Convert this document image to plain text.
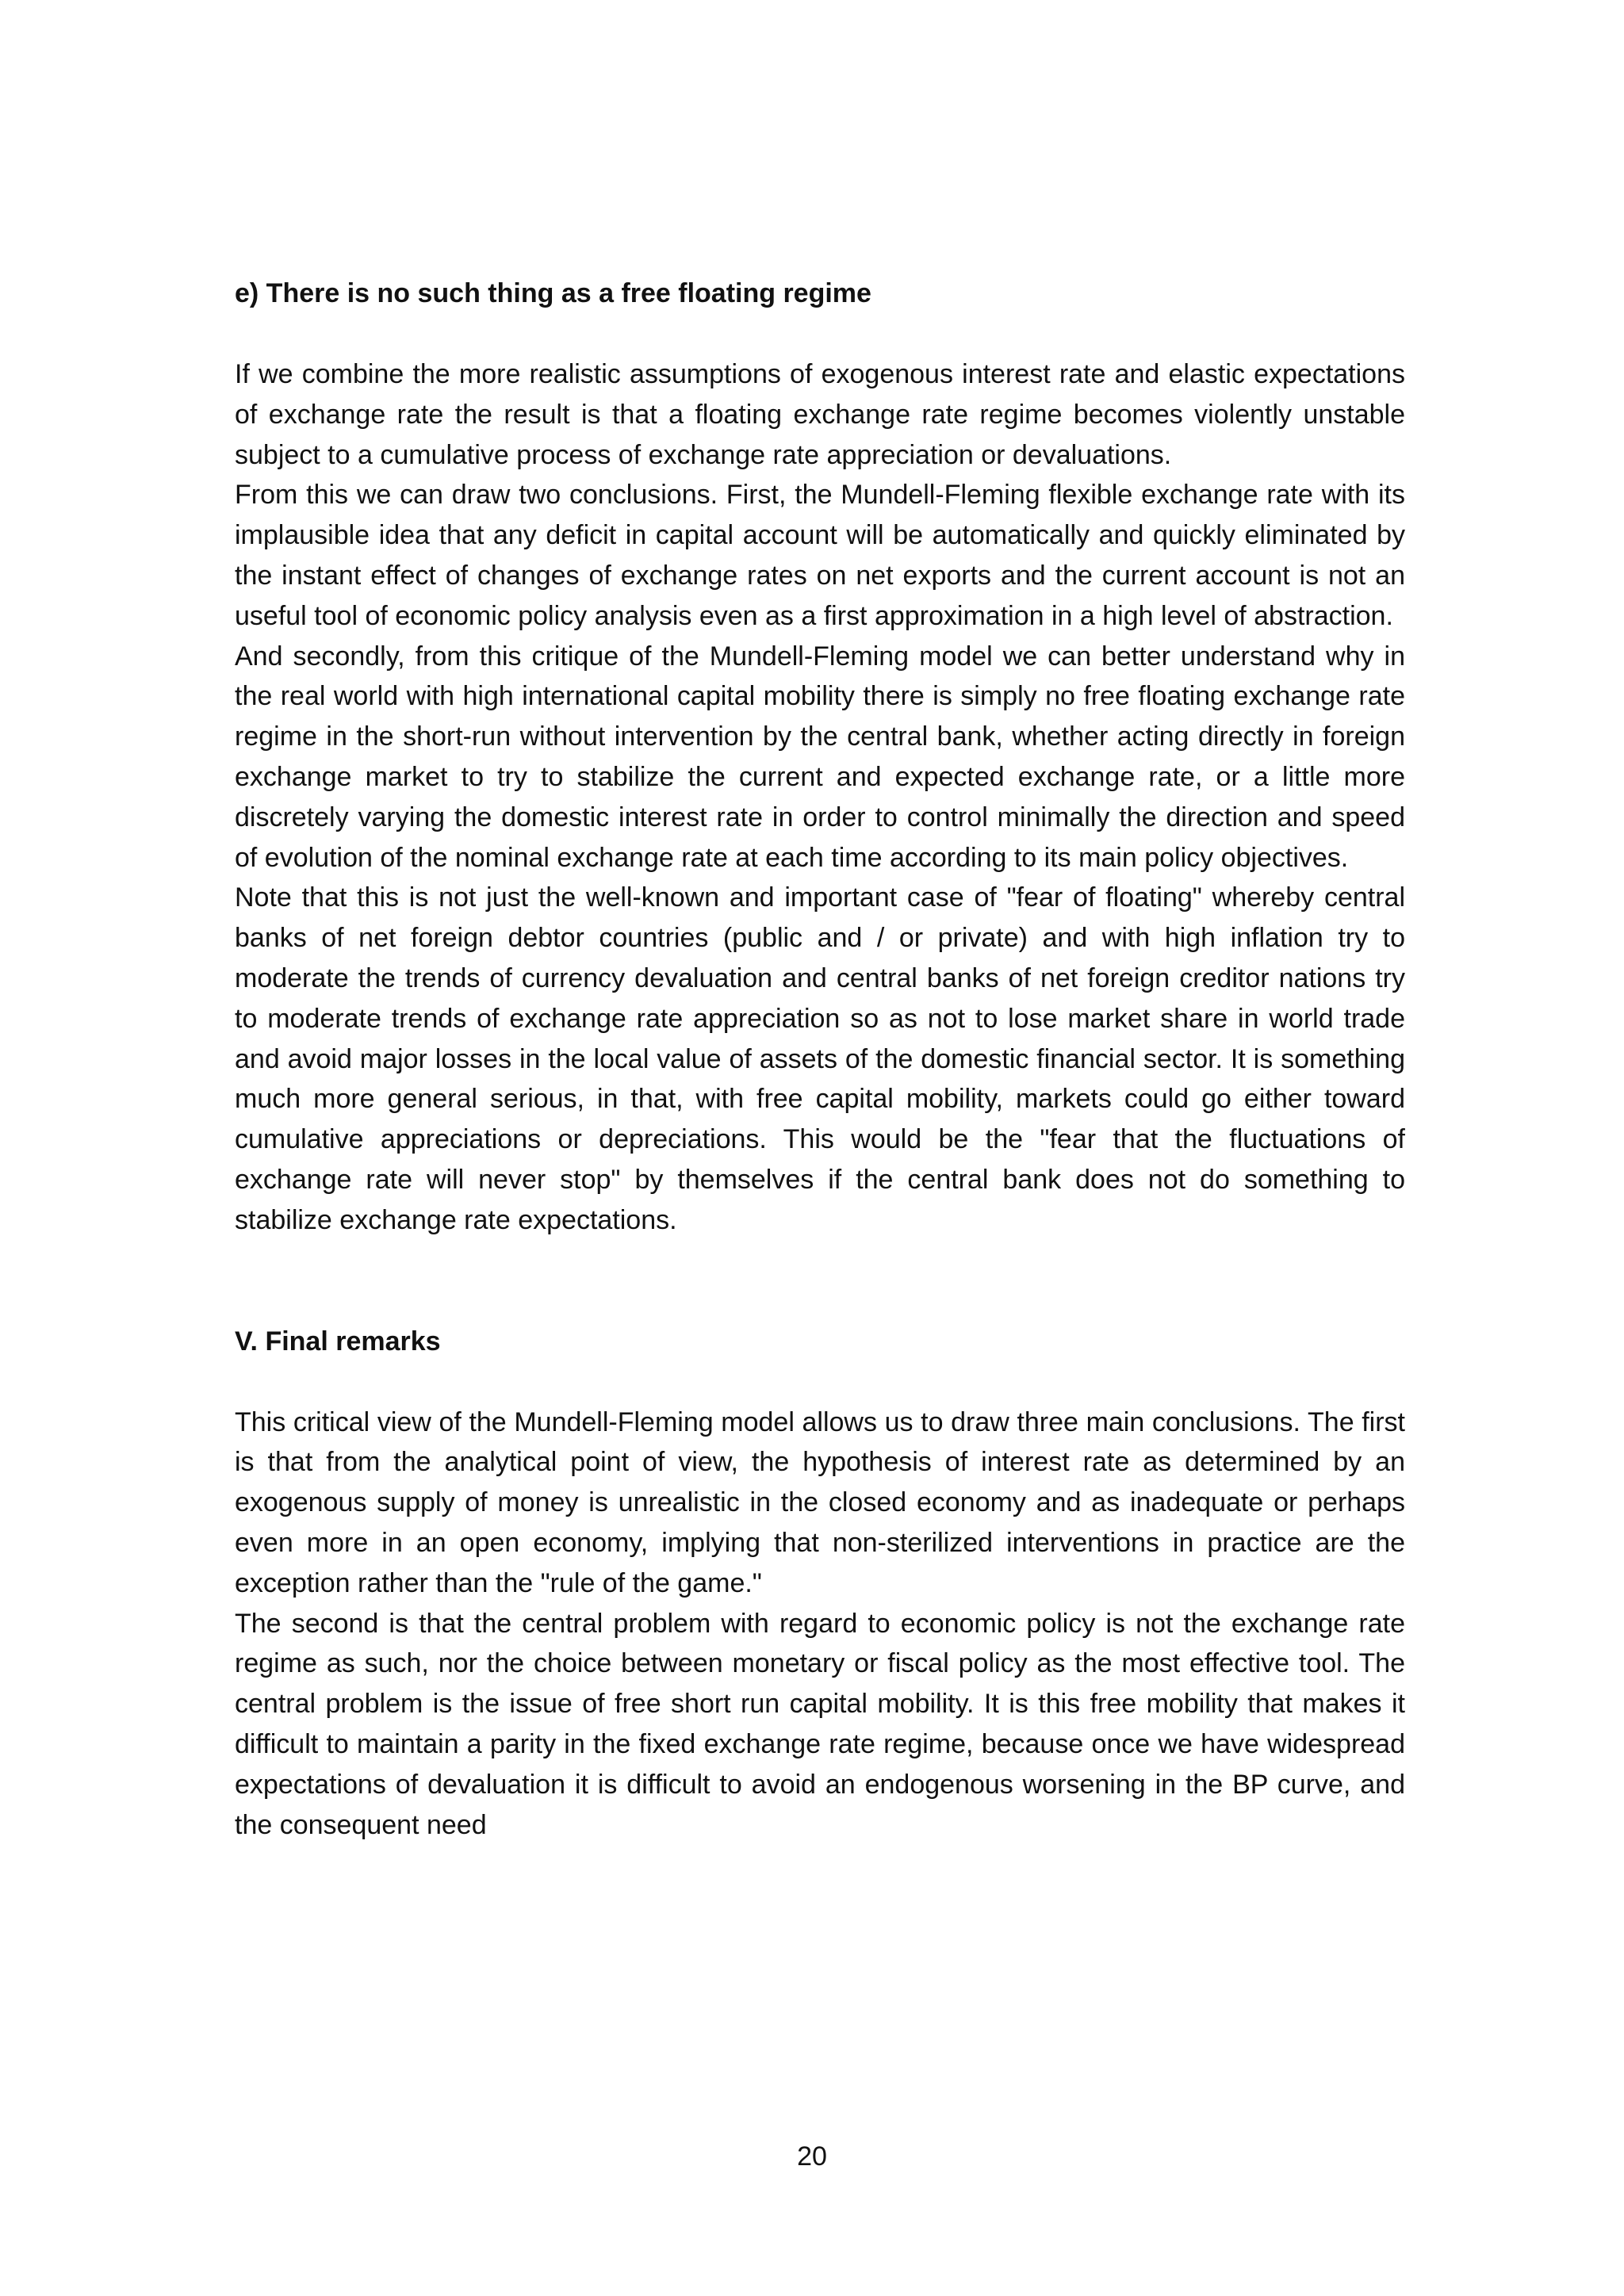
e) There is no such thing as a free floating regime

If we combine the more realistic assumptions of exogenous interest rate and elastic expectations of exchange rate the result is that a floating exchange rate regime becomes violently unstable subject to a cumulative process of exchange rate appreciation or devaluations.

From this we can draw two conclusions. First, the Mundell-Fleming flexible exchange rate with its implausible idea that any deficit in capital account will be automatically and quickly eliminated by the instant effect of changes of exchange rates on net exports and the current account is not an useful tool of economic policy analysis even as a first approximation in a high level of abstraction.

And secondly, from this critique of the Mundell-Fleming model we can better understand why in the real world with high international capital mobility there is simply no free floating exchange rate regime in the short-run without intervention by the central bank, whether acting directly in foreign exchange market to try to stabilize the current and expected exchange rate, or a little more discretely varying the domestic interest rate in order to control minimally the direction and speed of evolution of the nominal exchange rate at each time according to its main policy objectives.

Note that this is not just the well-known and important case of "fear of floating" whereby central banks of net foreign debtor countries (public and / or private) and with high inflation try to moderate the trends of currency devaluation and central banks of net foreign creditor nations try to moderate trends of exchange rate appreciation so as not to lose market share in world trade and avoid major losses in the local value of assets of the domestic financial sector. It is something much more general serious, in that, with free capital mobility, markets could go either toward cumulative appreciations or depreciations. This would be the "fear that the fluctuations of exchange rate will never stop" by themselves if the central bank does not do something to stabilize exchange rate expectations.

V. Final remarks

This critical view of the Mundell-Fleming model allows us to draw three main conclusions. The first is that from the analytical point of view, the hypothesis of interest rate as determined by an exogenous supply of money is unrealistic in the closed economy and as inadequate or perhaps even more in an open economy, implying that non-sterilized interventions in practice are the exception rather than the "rule of the game."

The second is that the central problem with regard to economic policy is not the exchange rate regime as such, nor the choice between monetary or fiscal policy as the most effective tool. The central problem is the issue of free short run capital mobility. It is this free mobility that makes it difficult to maintain a parity in the fixed exchange rate regime, because once we have widespread expectations of devaluation it is difficult to avoid an endogenous worsening in the BP curve, and the consequent need

20
